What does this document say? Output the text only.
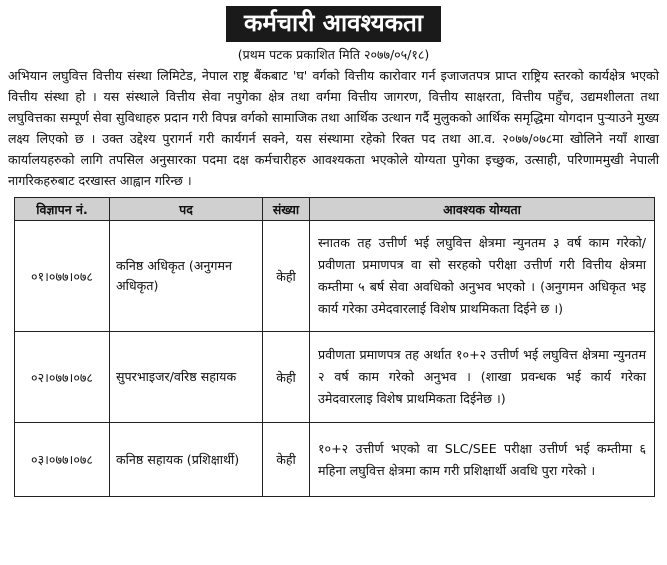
कर्मचारी आवश्यकता
(प्रथम पटक प्रकाशित मिति २०७७/०५/१८)
अभियान लघुवित्त वित्तीय संस्था लिमिटेड, नेपाल राष्ट्र बैंकबाट 'घ' वर्गको वित्तीय कारोवार गर्न इजाजतपत्र प्राप्त राष्ट्रिय स्तरको कार्यक्षेत्र भएको वित्तीय संस्था हो । यस संस्थाले वित्तीय सेवा नपुगेका क्षेत्र तथा वर्गमा वित्तीय जागरण, वित्तीय साक्षरता, वित्तीय पहुँच, उद्यमशीलता तथा लघुवित्तका सम्पूर्ण सेवा सुविधाहरु प्रदान गरी विपन्न वर्गको सामाजिक तथा आर्थिक उत्थान गर्दै मुलुकको आर्थिक समृद्धिमा योगदान पुर्‍याउने मुख्य लक्ष्य लिएको छ । उक्त उद्देश्य पुरागर्न गरी कार्यगर्न सक्ने, यस संस्थामा रहेको रिक्त पद तथा आ.व. २०७७/०७८मा खोलिने नयाँ शाखा कार्यालयहरुको लागि तपसिल अनुसारका पदमा दक्ष कर्मचारीहरु आवश्यकता भएकोले योग्यता पुगेका इच्छुक, उत्साही, परिणाममुखी नेपाली नागरिकहरुबाट दरखास्त आह्वान गरिन्छ ।
विज्ञापन नं.	पद	संख्या	आवश्यक योग्यता
०१।०७७।०७८	कनिष्ठ अधिकृत (अनुगमन अधिकृत)	केही	स्नातक तह उत्तीर्ण भई लघुवित्त क्षेत्रमा न्युनतम ३ वर्ष काम गरेको/प्रवीणता प्रमाणपत्र वा सो सरहको परीक्षा उत्तीर्ण गरी वित्तीय क्षेत्रमा कम्तीमा ५ बर्ष सेवा अवधिको अनुभव भएको । (अनुगमन अधिकृत भइ कार्य गरेका उमेदवारलाई विशेष प्राथमिकता दिईने छ ।)
०२।०७७।०७८	सुपरभाइजर/वरिष्ठ सहायक	केही	प्रवीणता प्रमाणपत्र तह अर्थात १०+२ उत्तीर्ण भई लघुवित्त क्षेत्रमा न्युनतम २ वर्ष काम गरेको अनुभव । (शाखा प्रवन्धक भई कार्य गरेका उमेदवारलाइ विशेष प्राथमिकता दिईनेछ ।)
०३।०७७।०७८	कनिष्ठ सहायक (प्रशिक्षार्थी)	केही	१०+२ उत्तीर्ण भएको वा SLC/SEE परीक्षा उत्तीर्ण भई कम्तीमा ६ महिना लघुवित्त क्षेत्रमा काम गरी प्रशिक्षार्थी अवधि पुरा गरेको ।
